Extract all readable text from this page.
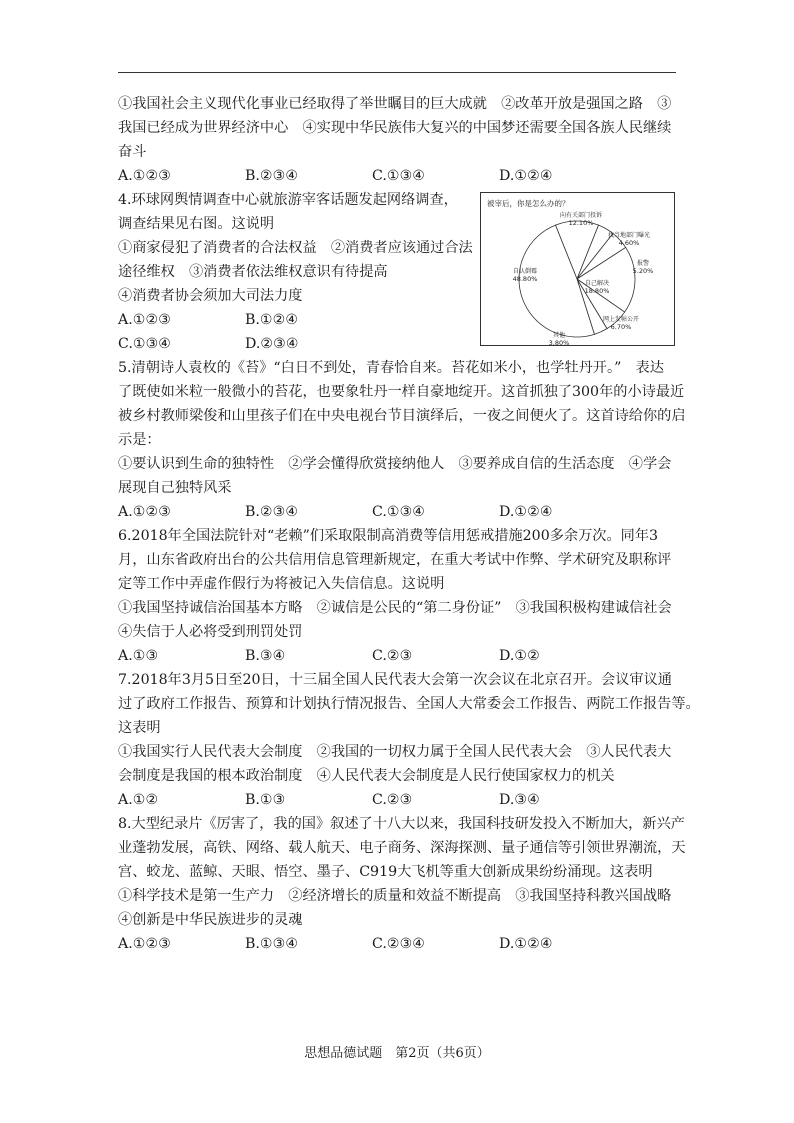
①我国社会主义现代化事业已经取得了举世瞩目的巨大成就　②改革开放是强国之路　③
我国已经成为世界经济中心　④实现中华民族伟大复兴的中国梦还需要全国各族人民继续
奋斗
A.①②③	B.②③④	C.①③④	D.①②④
4.环球网舆情调查中心就旅游宰客话题发起网络调查，
调查结果见右图。这说明
①商家侵犯了消费者的合法权益　②消费者应该通过合法
途径维权　③消费者依法维权意识有待提高
④消费者协会须加大司法力度
A.①②③	B.①②④
C.①③④	D.②③④
被宰后，你是怎么办的？
向有关部门投诉
12.10%
找当地部门曝光
4.60%
报警
5.20%
自己解决
18.80%
网上发帖公开
6.70%
其他
3.80%
自认倒霉
48.80%
5.清朝诗人袁枚的《苔》“白日不到处，青春恰自来。苔花如米小，也学牡丹开。”　表达
了既使如米粒一般微小的苔花，也要象牡丹一样自豪地绽开。这首抓独了300年的小诗最近
被乡村教师梁俊和山里孩子们在中央电视台节目演绎后，一夜之间便火了。这首诗给你的启
示是：
①要认识到生命的独特性　②学会懂得欣赏接纳他人　③要养成自信的生活态度　④学会
展现自己独特风采
A.①②③	B.②③④	C.①③④	D.①②④
6.2018年全国法院针对“老赖”们采取限制高消费等信用惩戒措施200多余万次。同年3
月，山东省政府出台的公共信用信息管理新规定，在重大考试中作弊、学术研究及职称评
定等工作中弄虚作假行为将被记入失信信息。这说明
①我国坚持诚信治国基本方略　②诚信是公民的“第二身份证”　③我国积极构建诚信社会
④失信于人必将受到刑罚处罚
A.①③	B.③④	C.②③	D.①②
7.2018年3月5日至20日，十三届全国人民代表大会第一次会议在北京召开。会议审议通
过了政府工作报告、预算和计划执行情况报告、全国人大常委会工作报告、两院工作报告等。
这表明
①我国实行人民代表大会制度　②我国的一切权力属于全国人民代表大会　③人民代表大
会制度是我国的根本政治制度　④人民代表大会制度是人民行使国家权力的机关
A.①②	B.①③	C.②③	D.③④
8.大型纪录片《厉害了，我的国》叙述了十八大以来，我国科技研发投入不断加大，新兴产
业蓬勃发展，高铁、网络、载人航天、电子商务、深海探测、量子通信等引领世界潮流，天
宫、蛟龙、蓝鲸、天眼、悟空、墨子、C919大飞机等重大创新成果纷纷涌现。这表明
①科学技术是第一生产力　②经济增长的质量和效益不断提高　③我国坚持科教兴国战略
④创新是中华民族进步的灵魂
A.①②③	B.①③④	C.②③④	D.①②④
思想品德试题　第2页（共6页）
